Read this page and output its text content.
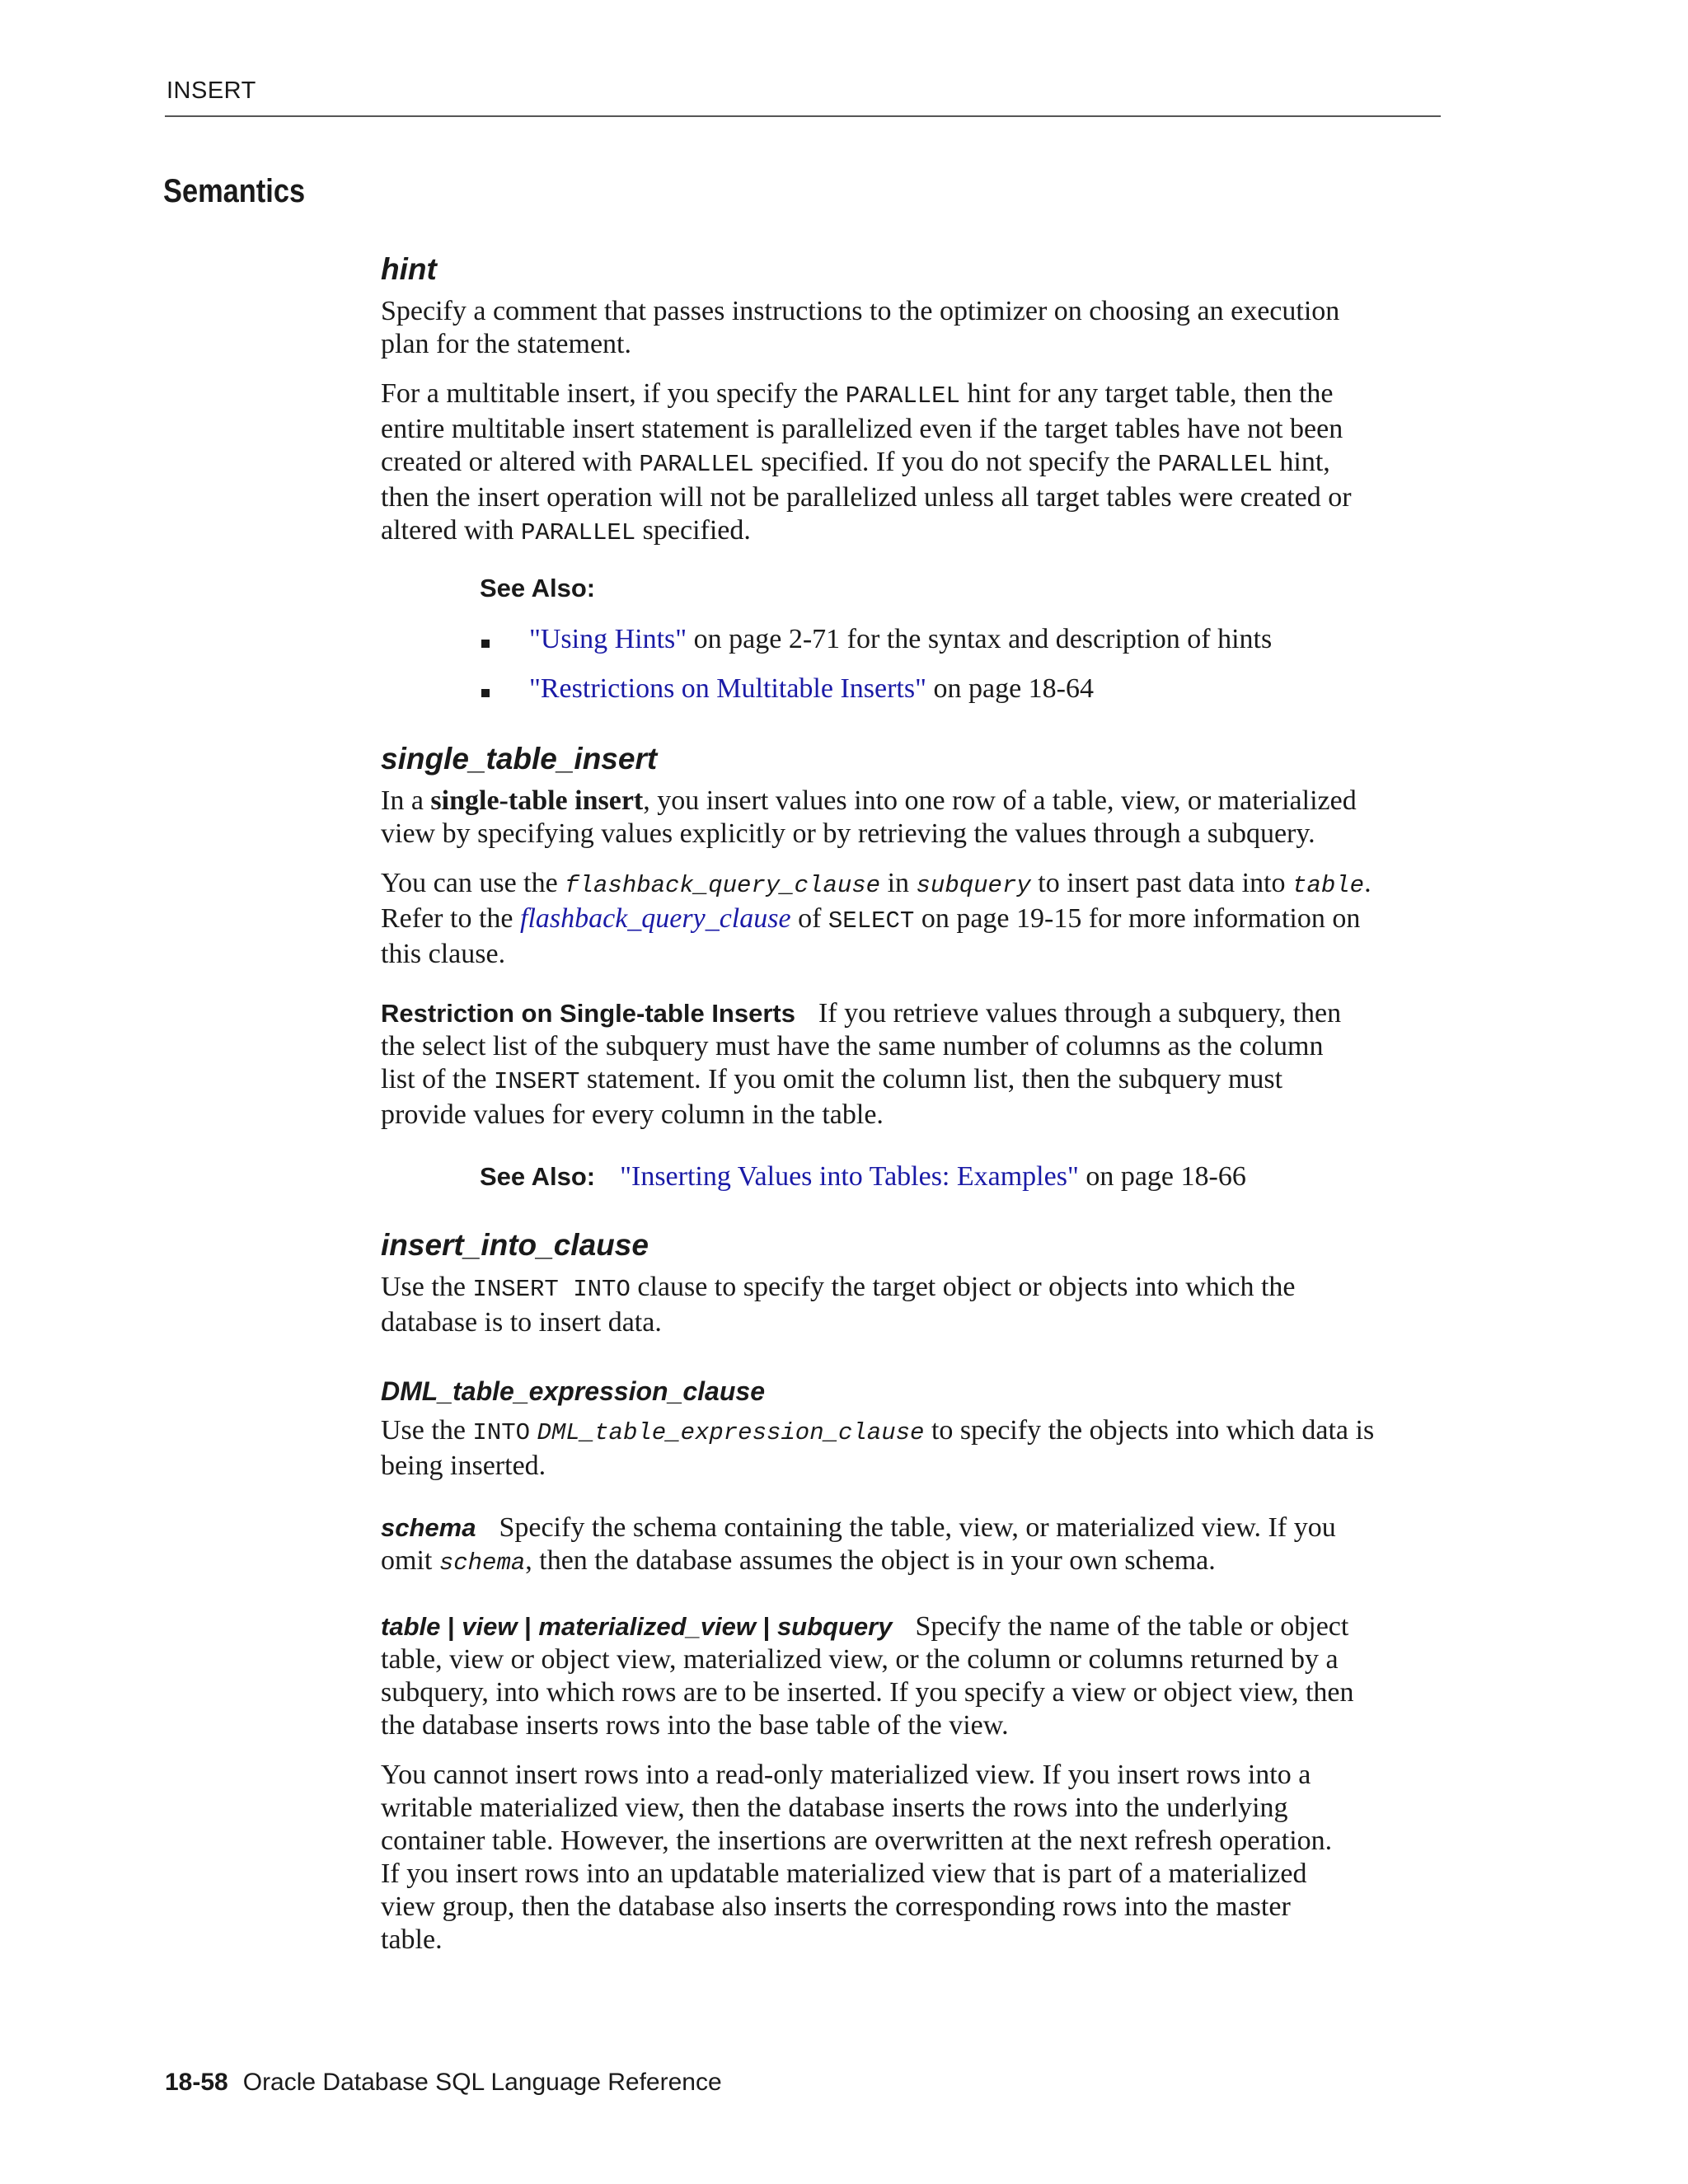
INSERT
Semantics
hint
Specify a comment that passes instructions to the optimizer on choosing an execution
plan for the statement.
For a multitable insert, if you specify the PARALLEL hint for any target table, then the
entire multitable insert statement is parallelized even if the target tables have not been
created or altered with PARALLEL specified. If you do not specify the PARALLEL hint,
then the insert operation will not be parallelized unless all target tables were created or
altered with PARALLEL specified.
See Also:
"Using Hints" on page 2-71 for the syntax and description of hints
"Restrictions on Multitable Inserts" on page 18-64
single_table_insert
In a single-table insert, you insert values into one row of a table, view, or materialized
view by specifying values explicitly or by retrieving the values through a subquery.
You can use the flashback_query_clause in subquery to insert past data into table.
Refer to the flashback_query_clause of SELECT on page 19-15 for more information on
this clause.
Restriction on Single-table Inserts If you retrieve values through a subquery, then
the select list of the subquery must have the same number of columns as the column
list of the INSERT statement. If you omit the column list, then the subquery must
provide values for every column in the table.
See Also: "Inserting Values into Tables: Examples" on page 18-66
insert_into_clause
Use the INSERT INTO clause to specify the target object or objects into which the
database is to insert data.
DML_table_expression_clause
Use the INTO DML_table_expression_clause to specify the objects into which data is
being inserted.
schema Specify the schema containing the table, view, or materialized view. If you
omit schema, then the database assumes the object is in your own schema.
table | view | materialized_view | subquery Specify the name of the table or object
table, view or object view, materialized view, or the column or columns returned by a
subquery, into which rows are to be inserted. If you specify a view or object view, then
the database inserts rows into the base table of the view.
You cannot insert rows into a read-only materialized view. If you insert rows into a
writable materialized view, then the database inserts the rows into the underlying
container table. However, the insertions are overwritten at the next refresh operation.
If you insert rows into an updatable materialized view that is part of a materialized
view group, then the database also inserts the corresponding rows into the master
table.
18-58 Oracle Database SQL Language Reference
